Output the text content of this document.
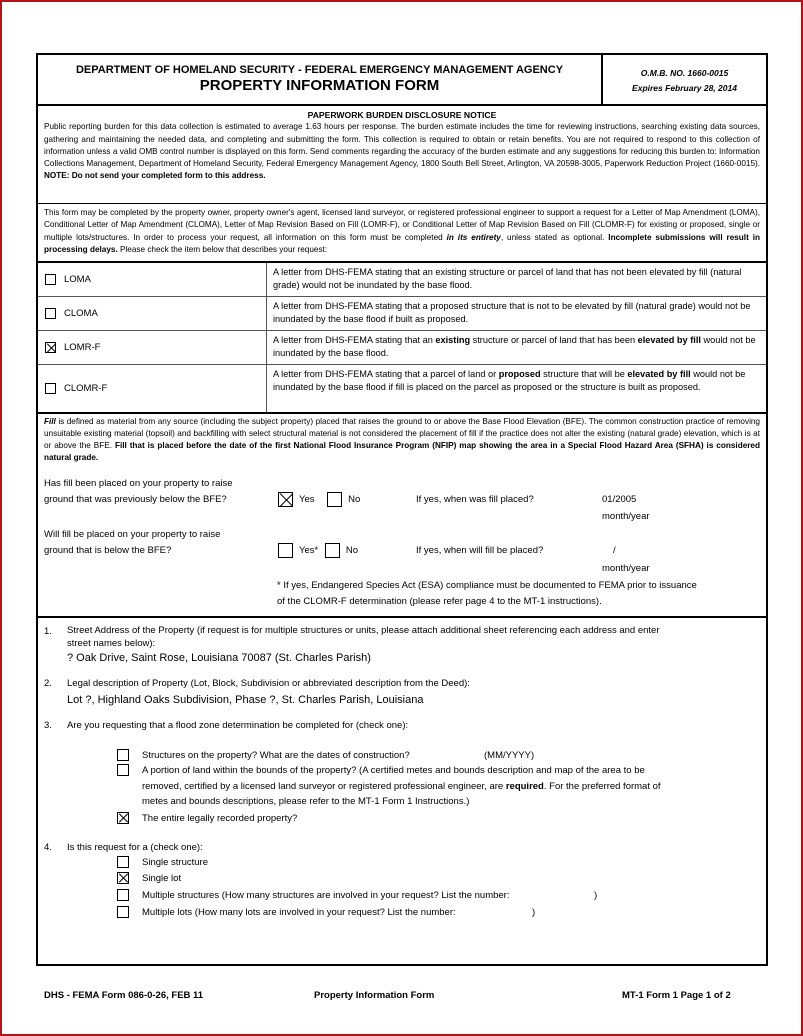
DEPARTMENT OF HOMELAND SECURITY - FEDERAL EMERGENCY MANAGEMENT AGENCY
PROPERTY INFORMATION FORM
O.M.B. NO. 1660-0015
Expires February 28, 2014
PAPERWORK BURDEN DISCLOSURE NOTICE

Public reporting burden for this data collection is estimated to average 1.63 hours per response. The burden estimate includes the time for reviewing instructions, searching existing data sources, gathering and maintaining the needed data, and completing and submitting the form. This collection is required to obtain or retain benefits. You are not required to respond to this collection of information unless a valid OMB control number is displayed on this form. Send comments regarding the accuracy of the burden estimate and any suggestions for reducing this burden to: Information Collections Management, Department of Homeland Security, Federal Emergency Management Agency, 1800 South Bell Street, Arlington, VA 20598-3005, Paperwork Reduction Project (1660-0015). NOTE: Do not send your completed form to this address.

This form may be completed by the property owner, property owner's agent, licensed land surveyor, or registered professional engineer to support a request for a Letter of Map Amendment (LOMA), Conditional Letter of Map Amendment (CLOMA), Letter of Map Revision Based on Fill (LOMR-F), or Conditional Letter of Map Revision Based on Fill (CLOMR-F) for existing or proposed, single or multiple lots/structures. In order to process your request, all information on this form must be completed in its entirety, unless stated as optional. Incomplete submissions will result in processing delays. Please check the item below that describes your request:

LOMA
A letter from DHS-FEMA stating that an existing structure or parcel of land that has not been elevated by fill (natural grade) would not be inundated by the base flood.
CLOMA
A letter from DHS-FEMA stating that a proposed structure that is not to be elevated by fill (natural grade) would not be inundated by the base flood if built as proposed.
LOMR-F
A letter from DHS-FEMA stating that an existing structure or parcel of land that has been elevated by fill would not be inundated by the base flood.
CLOMR-F
A letter from DHS-FEMA stating that a parcel of land or proposed structure that will be elevated by fill would not be inundated by the base flood if fill is placed on the parcel as proposed or the structure is built as proposed.
Fill is defined as material from any source (including the subject property) placed that raises the ground to or above the Base Flood Elevation (BFE). The common construction practice of removing unsuitable existing material (topsoil) and backfilling with select structural material is not considered the placement of fill if the practice does not alter the existing (natural grade) elevation, which is at or above the BFE. Fill that is placed before the date of the first National Flood Insurance Program (NFIP) map showing the area in a Special Flood Hazard Area (SFHA) is considered natural grade.
Has fill been placed on your property to raise
ground that was previously below the BFE?	Yes	No	If yes, when was fill placed?	01/2005
month/year
Will fill be placed on your property to raise
ground that is below the BFE?	Yes*	No	If yes, when will fill be placed?	/
month/year
* If yes, Endangered Species Act (ESA) compliance must be documented to FEMA prior to issuance
of the CLOMR-F determination (please refer page 4 to the MT-1 instructions).
1. Street Address of the Property (if request is for multiple structures or units, please attach additional sheet referencing each address and enter
street names below):
? Oak Drive, Saint Rose, Louisiana 70087 (St. Charles Parish)
2. Legal description of Property (Lot, Block, Subdivision or abbreviated description from the Deed):
Lot ?, Highland Oaks Subdivision, Phase ?, St. Charles Parish, Louisiana
3. Are you requesting that a flood zone determination be completed for (check one):
Structures on the property? What are the dates of construction?	(MM/YYYY)
A portion of land within the bounds of the property? (A certified metes and bounds description and map of the area to be
removed, certified by a licensed land surveyor or registered professional engineer, are required. For the preferred format of
metes and bounds descriptions, please refer to the MT-1 Form 1 Instructions.)
The entire legally recorded property?
4. Is this request for a (check one):
Single structure
Single lot
Multiple structures (How many structures are involved in your request? List the number:	)
Multiple lots (How many lots are involved in your request? List the number:	)
DHS - FEMA Form 086-0-26, FEB 11	Property Information Form	MT-1 Form 1 Page 1 of 2
